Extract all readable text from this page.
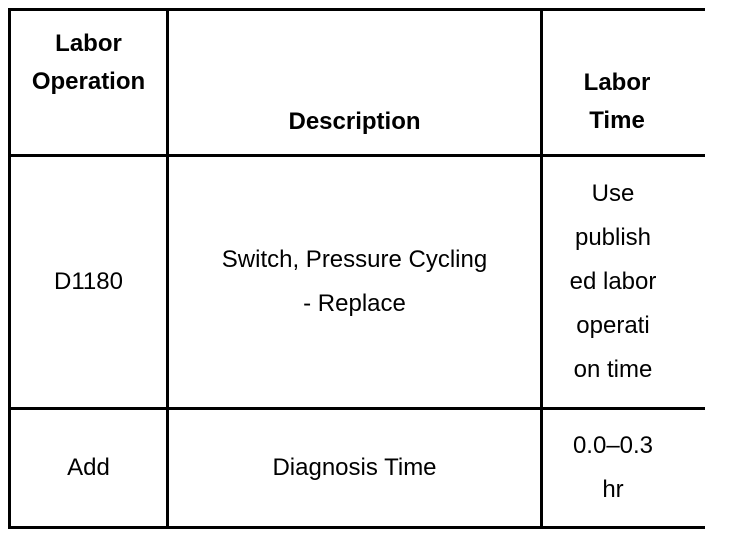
Labor
Operation
Description
Labor
Time
D1180
Switch, Pressure Cycling
- Replace
Use
publish
ed labor
operati
on time
Add	Diagnosis Time
0.0–0.3
hr
